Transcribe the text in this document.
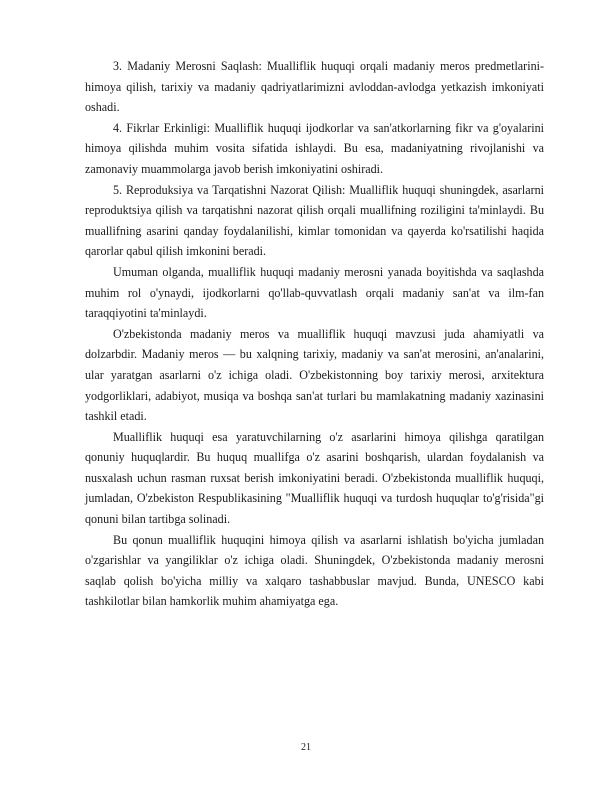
3. Madaniy Merosni Saqlash: Mualliflik huquqi orqali madaniy meros predmetlarini-himoya qilish, tarixiy va madaniy qadriyatlarimizni avloddan-avlodga yetkazish imkoniyati oshadi.

4. Fikrlar Erkinligi: Mualliflik huquqi ijodkorlar va san'atkorlarning fikr va g'oyalarini himoya qilishda muhim vosita sifatida ishlaydi. Bu esa, madaniyatning rivojlanishi va zamonaviy muammolarga javob berish imkoniyatini oshiradi.

5. Reproduksiya va Tarqatishni Nazorat Qilish: Mualliflik huquqi shuningdek, asarlarni reproduktsiya qilish va tarqatishni nazorat qilish orqali muallifning roziligini ta'minlaydi. Bu muallifning asarini qanday foydalanilishi, kimlar tomonidan va qayerda ko'rsatilishi haqida qarorlar qabul qilish imkonini beradi.

Umuman olganda, mualliflik huquqi madaniy merosni yanada boyitishda va saqlashda muhim rol o'ynaydi, ijodkorlarni qo'llab-quvvatlash orqali madaniy san'at va ilm-fan taraqqiyotini ta'minlaydi.

O'zbekistonda madaniy meros va mualliflik huquqi mavzusi juda ahamiyatli va dolzarbdir. Madaniy meros — bu xalqning tarixiy, madaniy va san'at merosini, an'analarini, ular yaratgan asarlarni o'z ichiga oladi. O'zbekistonning boy tarixiy merosi, arxitektura yodgorliklari, adabiyot, musiqa va boshqa san'at turlari bu mamlakatning madaniy xazinasini tashkil etadi.

Mualliflik huquqi esa yaratuvchilarning o'z asarlarini himoya qilishga qaratilgan qonuniy huquqlardir. Bu huquq muallifga o'z asarini boshqarish, ulardan foydalanish va nusxalash uchun rasman ruxsat berish imkoniyatini beradi. O'zbekistonda mualliflik huquqi, jumladan, O'zbekiston Respublikasining "Mualliflik huquqi va turdosh huquqlar to'g'risida"gi qonuni bilan tartibga solinadi.

Bu qonun mualliflik huquqini himoya qilish va asarlarni ishlatish bo'yicha jumladan o'zgarishlar va yangiliklar o'z ichiga oladi. Shuningdek, O'zbekistonda madaniy merosni saqlab qolish bo'yicha milliy va xalqaro tashabbuslar mavjud. Bunda, UNESCO kabi tashkilotlar bilan hamkorlik muhim ahamiyatga ega.

21
